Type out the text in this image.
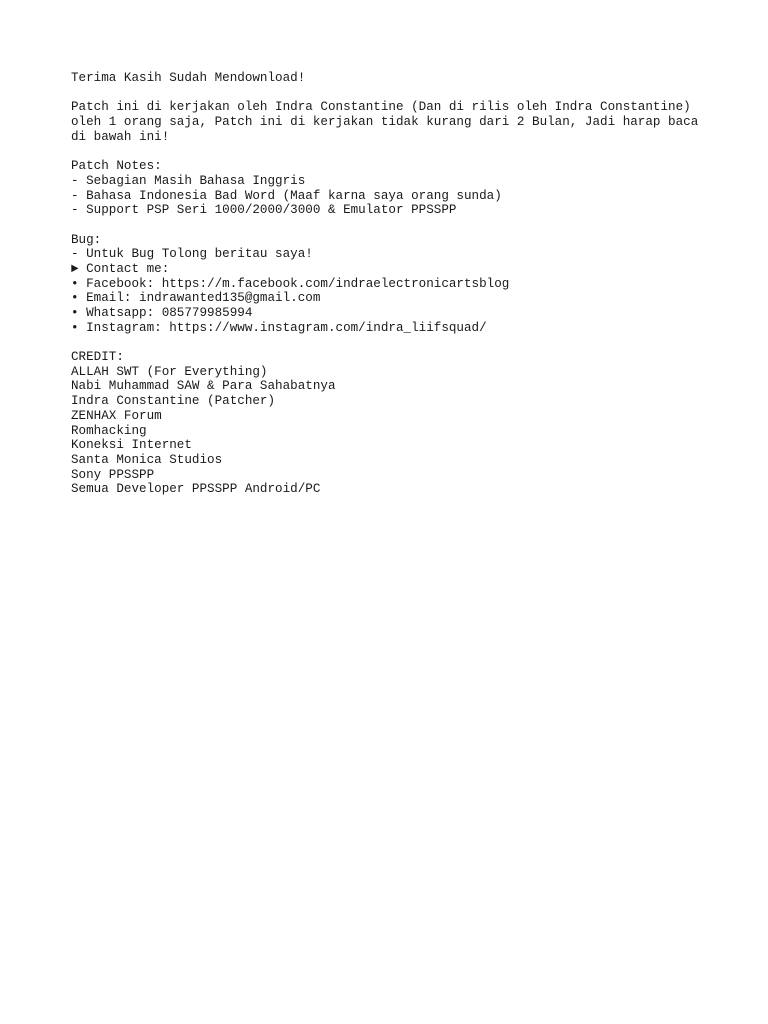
Terima Kasih Sudah Mendownload!
Patch ini di kerjakan oleh Indra Constantine (Dan di rilis oleh Indra Constantine)
oleh 1 orang saja, Patch ini di kerjakan tidak kurang dari 2 Bulan, Jadi harap baca
di bawah ini!
Patch Notes:
- Sebagian Masih Bahasa Inggris
- Bahasa Indonesia Bad Word (Maaf karna saya orang sunda)
- Support PSP Seri 1000/2000/3000 & Emulator PPSSPP
Bug:
- Untuk Bug Tolong beritau saya!
► Contact me:
• Facebook: https://m.facebook.com/indraelectronicartsblog
• Email: indrawanted135@gmail.com
• Whatsapp: 085779985994
• Instagram: https://www.instagram.com/indra_liifsquad/
CREDIT:
ALLAH SWT (For Everything)
Nabi Muhammad SAW & Para Sahabatnya
Indra Constantine (Patcher)
ZENHAX Forum
Romhacking
Koneksi Internet
Santa Monica Studios
Sony PPSSPP
Semua Developer PPSSPP Android/PC
